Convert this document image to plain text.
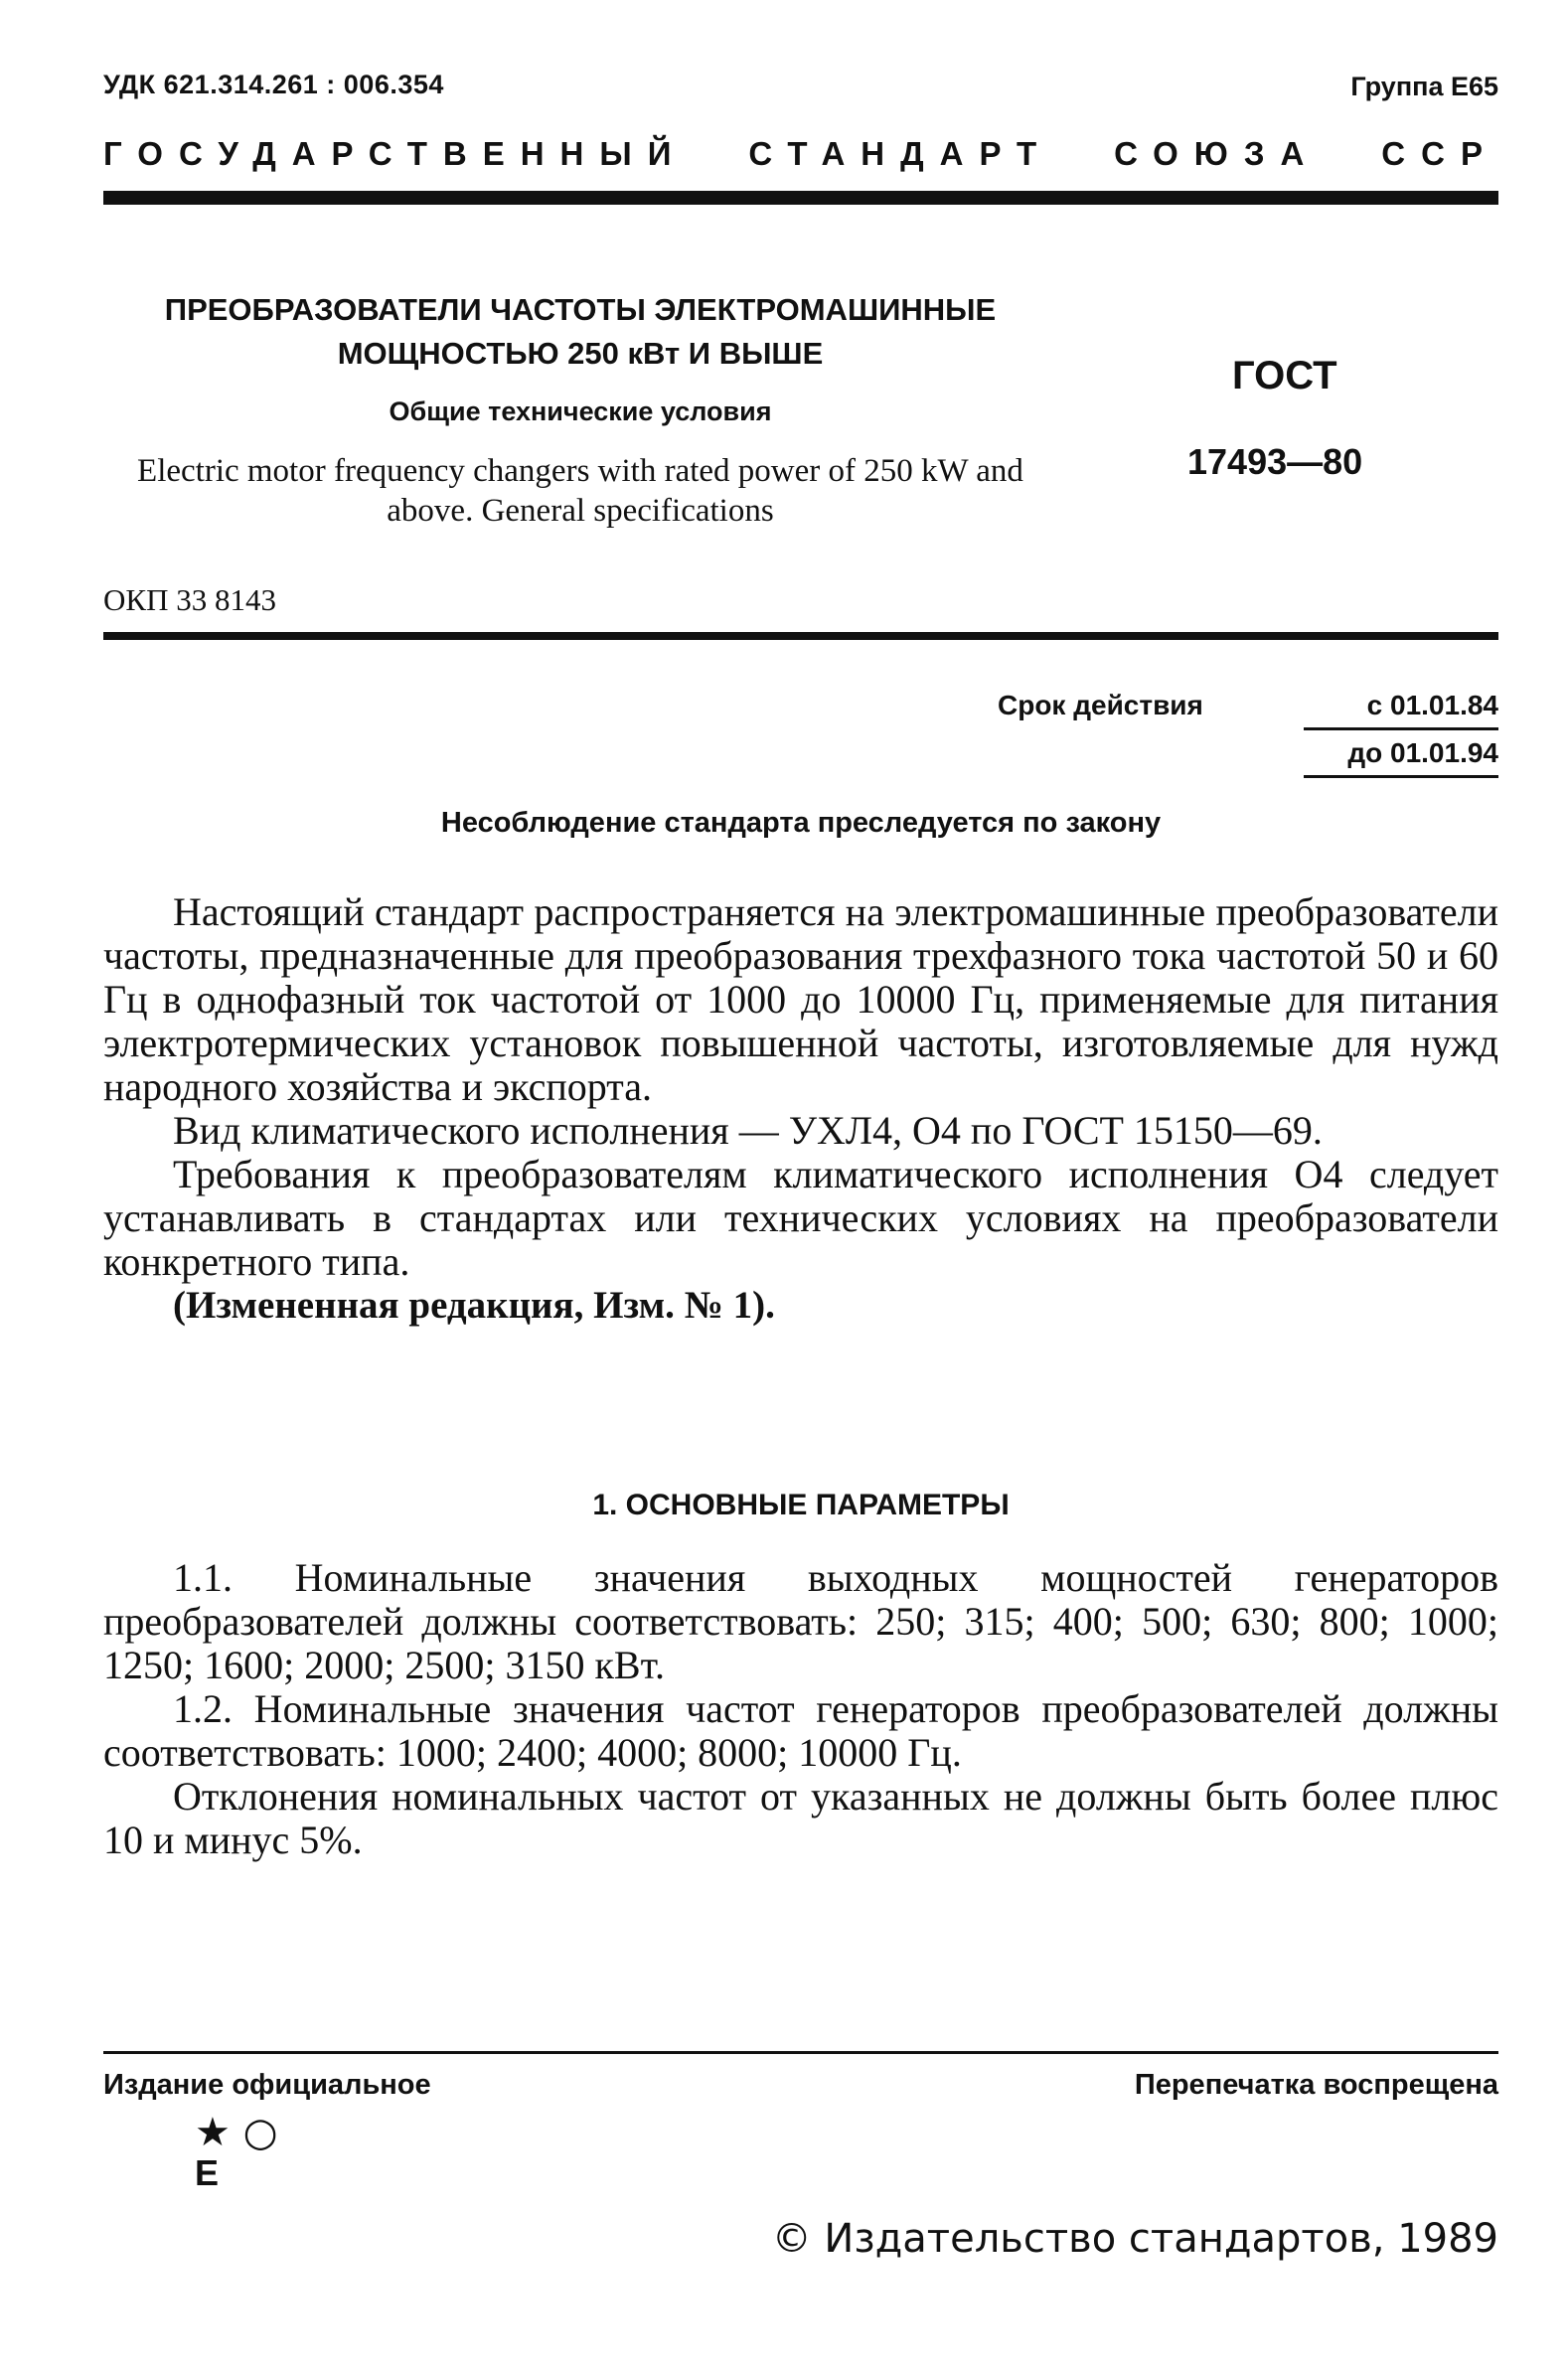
УДК 621.314.261 : 006.354	Группа Е65
ГОСУДАРСТВЕННЫЙ СТАНДАРТ СОЮЗА ССР
ПРЕОБРАЗОВАТЕЛИ ЧАСТОТЫ ЭЛЕКТРОМАШИННЫЕ
МОЩНОСТЬЮ 250 кВт И ВЫШЕ
Общие технические условия
Electric motor frequency changers with rated power of 250 kW and above. General specifications
ГОСТ
17493—80
ОКП 33 8143
Срок действия	с 01.01.84
до 01.01.94
Несоблюдение стандарта преследуется по закону

Настоящий стандарт распространяется на электромашинные преобразователи частоты, предназначенные для преобразования трехфазного тока частотой 50 и 60 Гц в однофазный ток частотой от 1000 до 10000 Гц, применяемые для питания электротермических установок повышенной частоты, изготовляемые для нужд народного хозяйства и экспорта.

Вид климатического исполнения — УХЛ4, О4 по ГОСТ 15150—69.

Требования к преобразователям климатического исполнения О4 следует устанавливать в стандартах или технических условиях на преобразователи конкретного типа.

(Измененная редакция, Изм. № 1).

1. ОСНОВНЫЕ ПАРАМЕТРЫ

1.1. Номинальные значения выходных мощностей генераторов преобразователей должны соответствовать: 250; 315; 400; 500; 630; 800; 1000; 1250; 1600; 2000; 2500; 3150 кВт.

1.2. Номинальные значения частот генераторов преобразователей должны соответствовать: 1000; 2400; 4000; 8000; 10000 Гц.

Отклонения номинальных частот от указанных не должны быть более плюс 10 и минус 5%.

Издание официальное	Перепечатка воспрещена
★ ○
Е
© Издательство стандартов, 1989
